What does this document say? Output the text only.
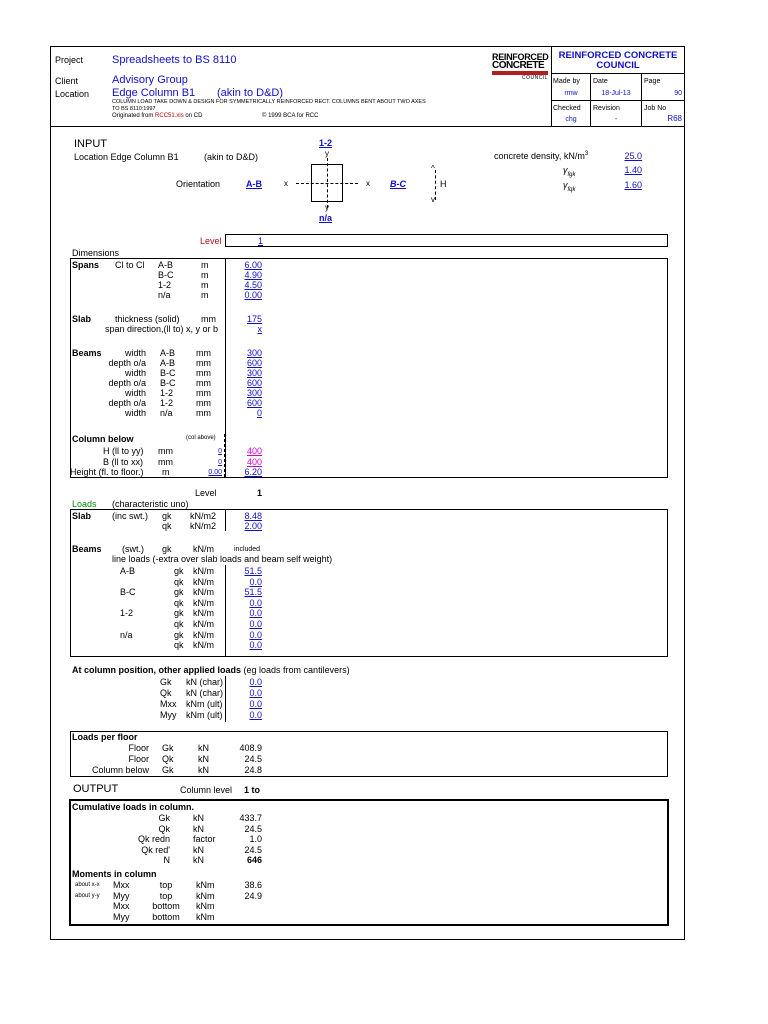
Project	Spreadsheets to BS 8110
Client	Advisory Group
Location Edge Column B1 (akin to D&D)
COLUMN LOAD TAKE DOWN & DESIGN FOR SYMMETRICALLY REINFORCED RECT. COLUMNS BENT ABOUT TWO AXES
TO BS 8110:1997
Originated from RCC51.xls on CD	© 1999 BCA for RCC
REINFORCED
CONCRETE
COUNCIL
REINFORCED CONCRETE
COUNCIL
Made by
rmw
Date
18-Jul-13
Page
90
Checked
chg
Revision
-
Job No
R68
INPUT
Location Edge Column B1	(akin to D&D)
Orientation
1-2
y
A-B	x	x B-C
y
n/a
^
v
H
concrete density, $kN/m^3$	25.0
$\gamma_{fgk}$	1.40
$\gamma_{fqk}$	1.60
Level	1
Dimensions
Spans Cl to Cl A-B	m	6.00
B-C	m	4.90
1-2	m	4.50
n/a	m	0.00
Slab	thickness (solid) mm	175
span direction,(ll to) x, y or b	x
Beams	width A-B mm	300
depth o/a A-B mm	600
width B-C mm	300
depth o/a B-C mm	600
width 1-2	mm	300
depth o/a 1-2	mm	600
width n/a	mm	0
Column below	(col above)
H (ll to yy) mm	0	400
B (ll to xx) mm	0	400
Height (fl. to floor.) m	0.00	6.20
Level	1
Loads (characteristic uno)
Slab (inc swt.) gk kN/m2	8.48
qk kN/m2	2.00
Beams (swt.) gk kN/m	included
line loads (-extra over slab loads and beam self weight)
A-B	gk kN/m	51.5
qk kN/m	0.0
B-C	gk kN/m	51.5
qk kN/m	0.0
1-2	gk kN/m	0.0
qk kN/m	0.0
n/a	gk kN/m	0.0
qk kN/m	0.0
At column position, other applied loads (eg loads from cantilevers)
Gk kN (char)	0.0
Qk kN (char)	0.0
Mxx kNm (ult)	0.0
Myy kNm (ult)	0.0
Loads per floor
Floor Gk	kN	408.9
Floor Qk	kN	24.5
Column below Gk	kN	24.8
OUTPUT	Column level 1 to
Cumulative loads in column.
Gk	kN	433.7
Qk	kN	24.5
Qk redn	factor	1.0
Qk red'	kN	24.5
N	kN	646
Moments in column
about x-x Mxx	top	kNm	38.6
about y-y Myy	top	kNm	24.9
Mxx	bottom	kNm
Myy	bottom	kNm
